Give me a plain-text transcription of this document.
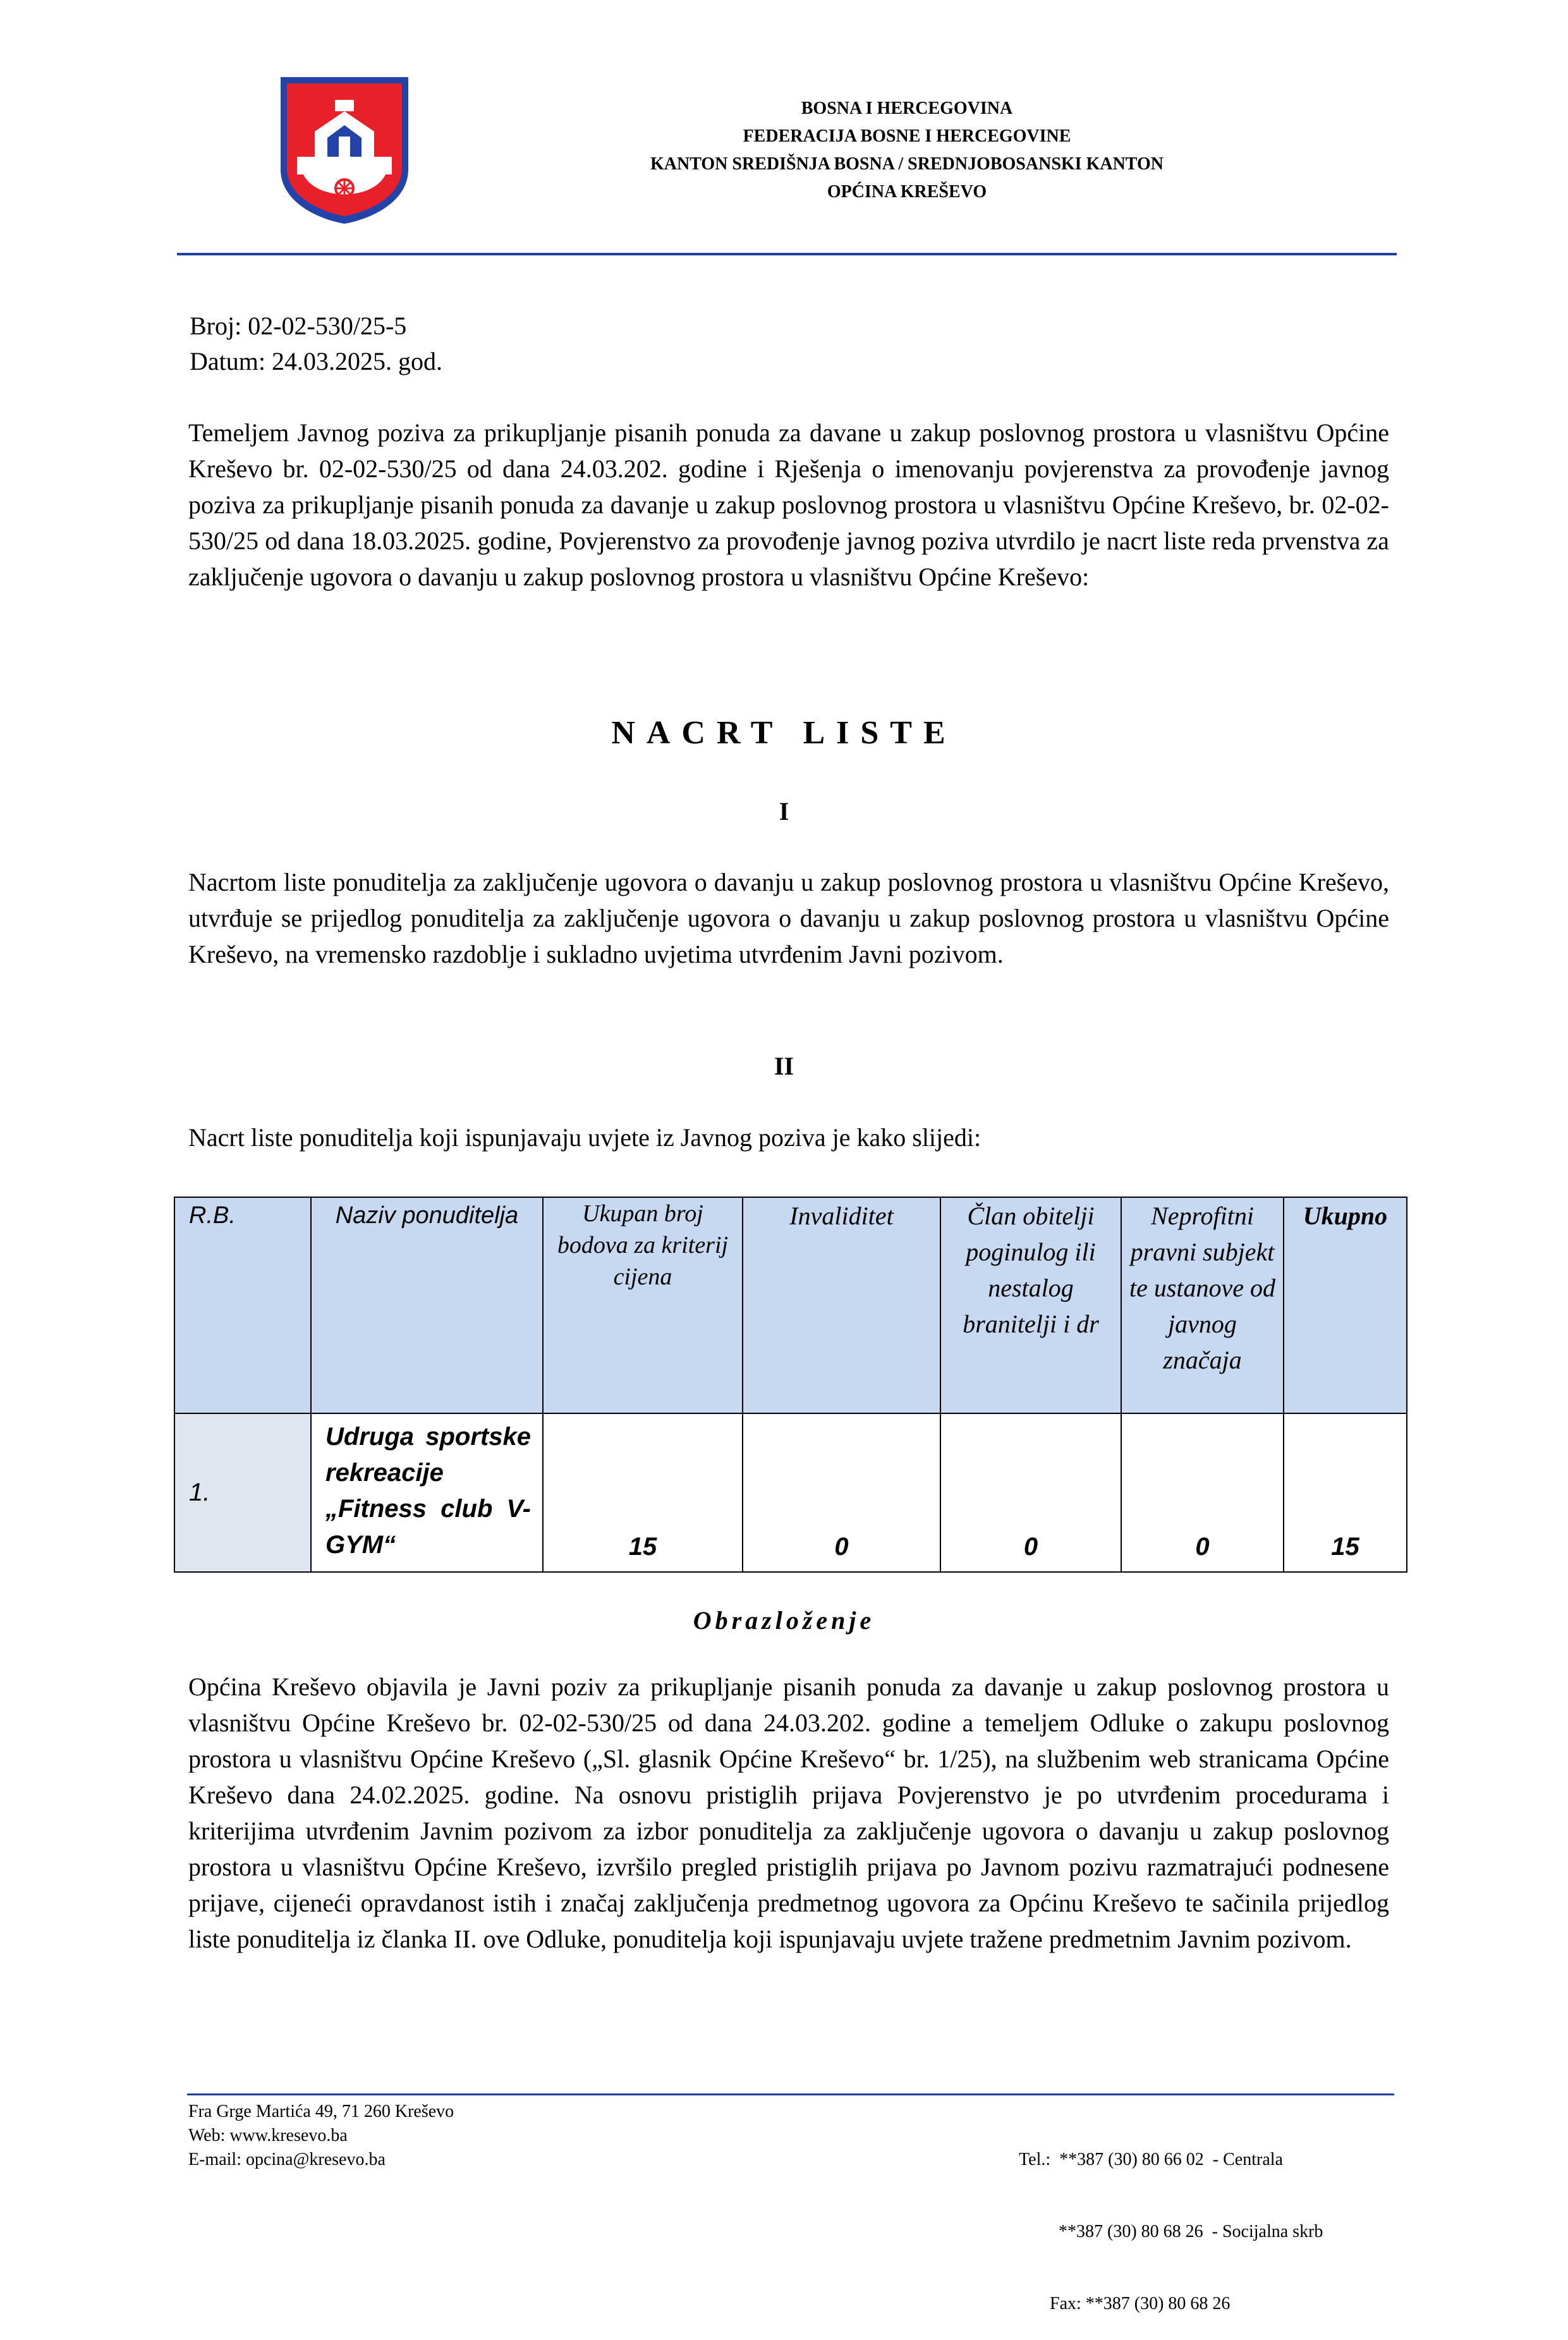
BOSNA I HERCEGOVINA
FEDERACIJA BOSNE I HERCEGOVINE
KANTON SREDIŠNJA BOSNA / SREDNJOBOSANSKI KANTON
OPĆINA KREŠEVO
Broj: 02-02-530/25-5
Datum: 24.03.2025. god.

Temeljem Javnog poziva za prikupljanje pisanih ponuda za davane u zakup poslovnog prostora u vlasništvu Općine Kreševo br. 02-02-530/25 od dana 24.03.202. godine i Rješenja o imenovanju povjerenstva za provođenje javnog poziva za prikupljanje pisanih ponuda za davanje u zakup poslovnog prostora u vlasništvu Općine Kreševo, br. 02-02-530/25 od dana 18.03.2025. godine, Povjerenstvo za provođenje javnog poziva utvrdilo je nacrt liste reda prvenstva za zaključenje ugovora o davanju u zakup poslovnog prostora u vlasništvu Općine Kreševo:

NACRT LISTE
I

Nacrtom liste ponuditelja za zaključenje ugovora o davanju u zakup poslovnog prostora u vlasništvu Općine Kreševo, utvrđuje se prijedlog ponuditelja za zaključenje ugovora o davanju u zakup poslovnog prostora u vlasništvu Općine Kreševo, na vremensko razdoblje i sukladno uvjetima utvrđenim Javni pozivom.

II

Nacrt liste ponuditelja koji ispunjavaju uvjete iz Javnog poziva je kako slijedi:

R.B.	Naziv ponuditelja	Ukupan broj bodova za kriterij cijena	Invaliditet	Član obitelji poginulog ili nestalog branitelji i dr	Neprofitni pravni subjekt te ustanove od javnog značaja	Ukupno
1.	Udruga sportske rekreacije „Fitness club V-GYM“	15	0	0	0	15
Obrazloženje

Općina Kreševo objavila je Javni poziv za prikupljanje pisanih ponuda za davanje u zakup poslovnog prostora u vlasništvu Općine Kreševo br. 02-02-530/25 od dana 24.03.202. godine a temeljem Odluke o zakupu poslovnog prostora u vlasništvu Općine Kreševo („Sl. glasnik Općine Kreševo“ br. 1/25), na službenim web stranicama Općine Kreševo dana 24.02.2025. godine. Na osnovu pristiglih prijava Povjerenstvo je po utvrđenim procedurama i kriterijima utvrđenim Javnim pozivom za izbor ponuditelja za zaključenje ugovora o davanju u zakup poslovnog prostora u vlasništvu Općine Kreševo, izvršilo pregled pristiglih prijava po Javnom pozivu razmatrajući podnesene prijave, cijeneći opravdanost istih i značaj zaključenja predmetnog ugovora za Općinu Kreševo te sačinila prijedlog liste ponuditelja iz članka II. ove Odluke, ponuditelja koji ispunjavaju uvjete tražene predmetnim Javnim pozivom.

Fra Grge Martića 49, 71 260 Kreševo
Web: www.kresevo.ba
E-mail: opcina@kresevo.ba

	Tel.:  **387 (30) 80 66 02  - Centrala

**387 (30) 80 68 26  - Socijalna skrb

Fax: **387 (30) 80 68 26
